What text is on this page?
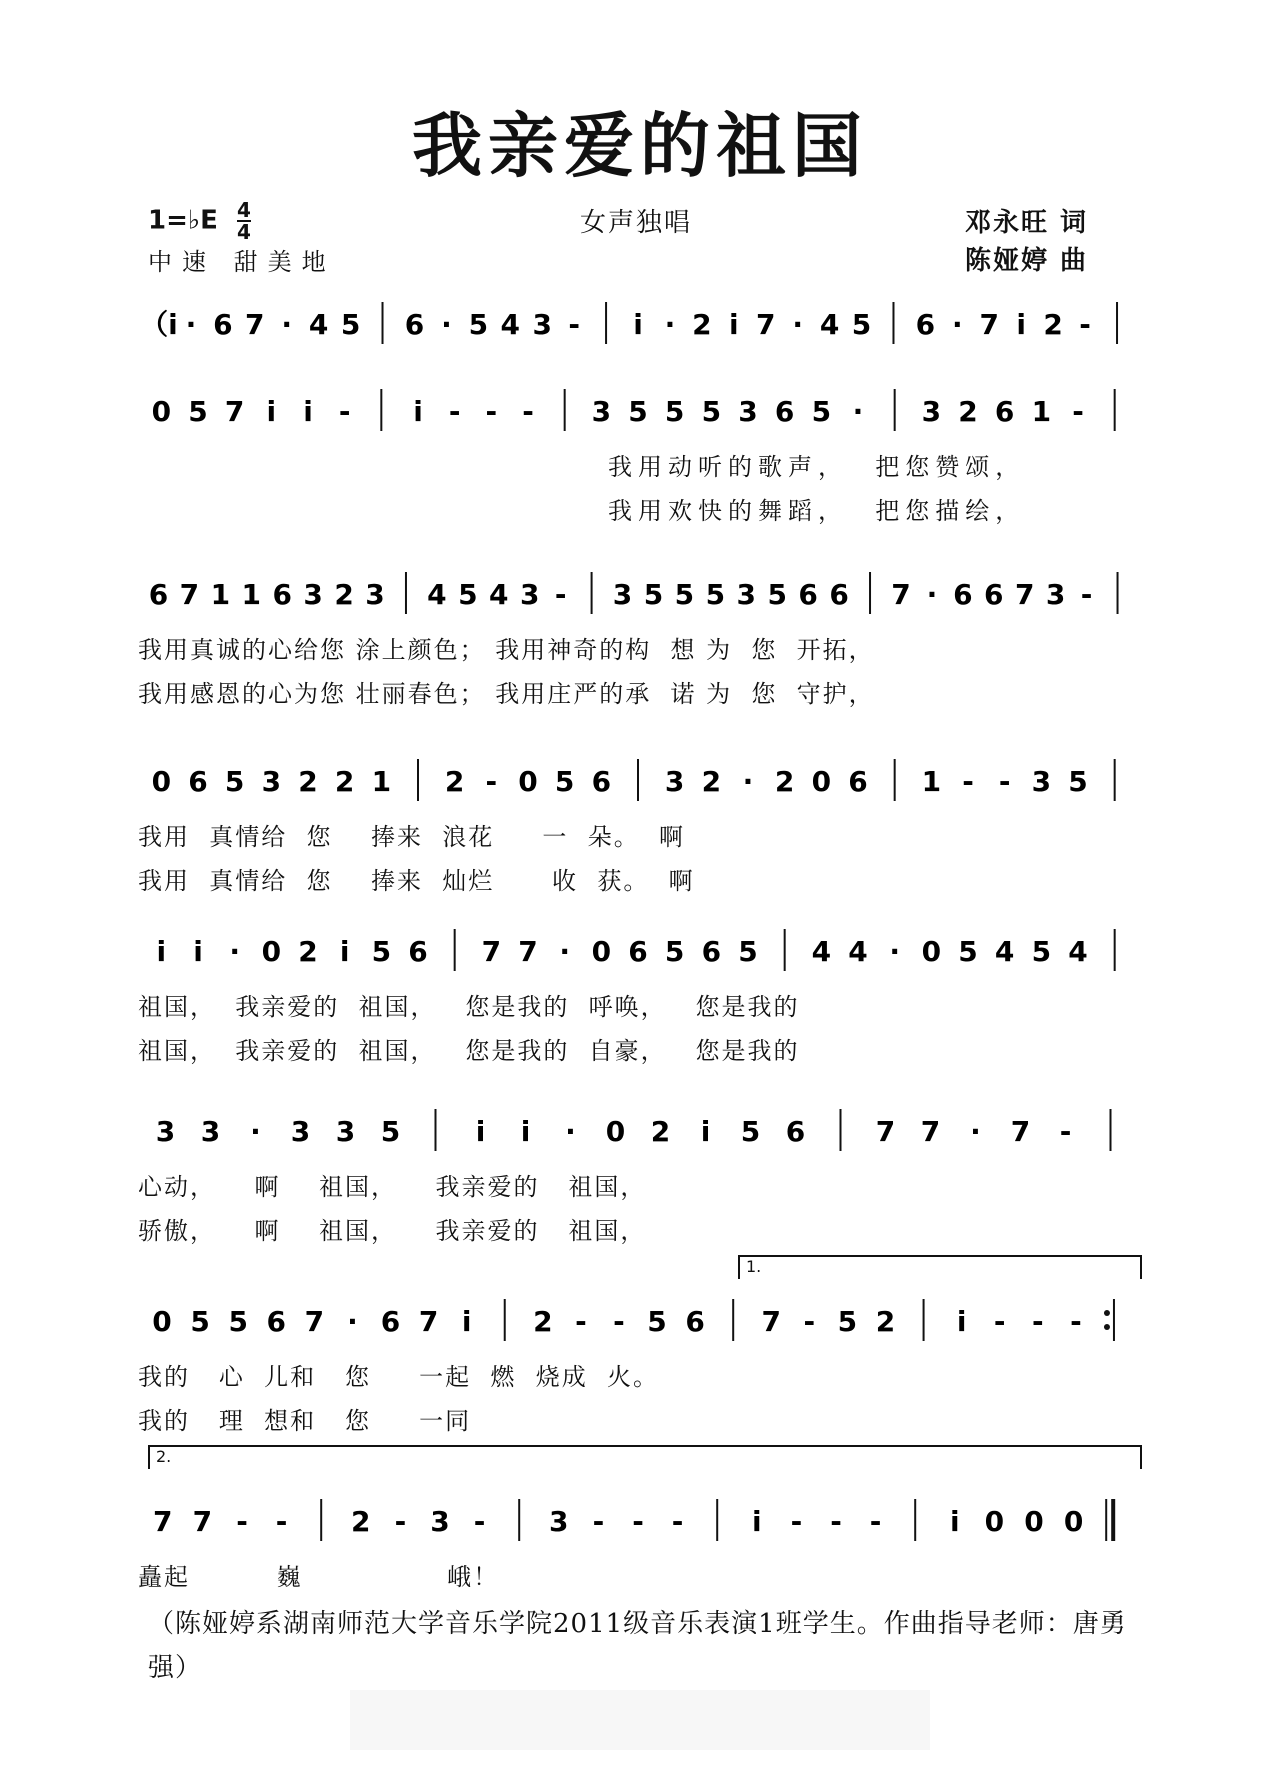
我亲爱的祖国
1=♭E $\frac{4}{4}$
中速 甜美地
女声独唱	邓永旺 词
陈娅婷 曲
（i · 6 7 · 4 5 6 · 5 4 3 - i · 2 i 7 · 4 5 6 · 7 i 2 -
0 5 7 i i - i - - - 3 5 5 5 3 6 5 · 3 2 6 1 -
我用动听的歌声，  把您赞颂，
我用欢快的舞蹈，  把您描绘，
6 7 1 1 6 3 2 3 4 5 4 3 - 3 5 5 5 3 5 6 6 7 · 6 6 7 3 -
我用真诚的心给您 涂上颜色； 我用神奇的构  想 为  您  开拓，
我用感恩的心为您 壮丽春色； 我用庄严的承  诺 为  您  守护，
0 6 5 3 2 2 1 2 - 0 5 6 3 2 · 2 0 6 1 - - 3 5
我用  真情给  您    捧来  浪花     一  朵。  啊
我用  真情给  您    捧来  灿烂      收  获。  啊
i i · 0 2 i 5 6 7 7 · 0 6 5 6 5 4 4 · 0 5 4 5 4
祖国，  我亲爱的  祖国，   您是我的  呼唤，   您是我的
祖国，  我亲爱的  祖国，   您是我的  自豪，   您是我的
3 3 · 3 3 5	i i · 0 2 i 5 6	7 7 · 7 -
心动，    啊    祖国，    我亲爱的   祖国，
骄傲，    啊    祖国，    我亲爱的   祖国，
0 5 5 6 7 · 6 7 i 2 - - 5 6 7 - 5 2 i - - -
我的   心  儿和   您     一起  燃  烧成  火。
我的   理  想和   您     一同
7 7 - - 2 - 3 - 3 - - - i - - - i 0 0 0
矗起         巍               峨！
（陈娅婷系湖南师范大学音乐学院2011级音乐表演1班学生。作曲指导老师：唐勇强）
1.
2.
